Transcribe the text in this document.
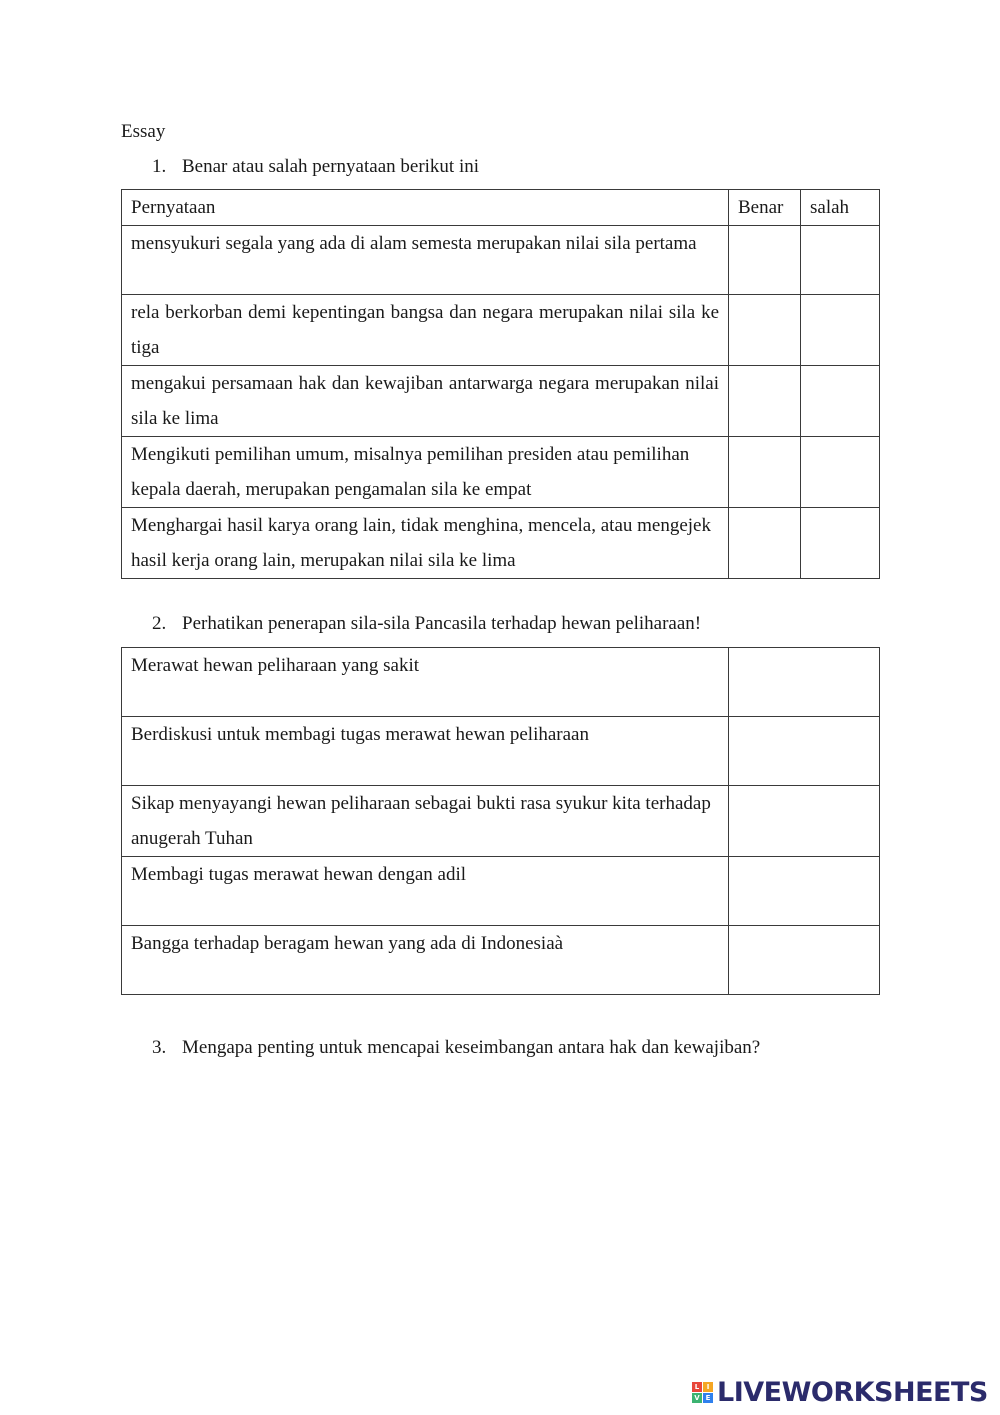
Essay
1. Benar atau salah pernyataan berikut ini
Pernyataan	Benar	salah
mensyukuri segala yang ada di alam semesta merupakan nilai sila pertama		
rela berkorban demi kepentingan bangsa dan negara merupakan nilai sila ke tiga		
mengakui persamaan hak dan kewajiban antarwarga negara merupakan nilai sila ke lima		
Mengikuti pemilihan umum, misalnya pemilihan presiden atau pemilihan kepala daerah, merupakan pengamalan sila ke empat		
Menghargai hasil karya orang lain, tidak menghina, mencela, atau mengejek hasil kerja orang lain, merupakan nilai sila ke lima		
2. Perhatikan penerapan sila-sila Pancasila terhadap hewan peliharaan!
Merawat hewan peliharaan yang sakit	
Berdiskusi untuk membagi tugas merawat hewan peliharaan	
Sikap menyayangi hewan peliharaan sebagai bukti rasa syukur kita terhadap anugerah Tuhan	
Membagi tugas merawat hewan dengan adil	
Bangga terhadap beragam hewan yang ada di Indonesiaà	
3. Mengapa penting untuk mencapai keseimbangan antara hak dan kewajiban?
L	I
V E LIVEWORKSHEETS
